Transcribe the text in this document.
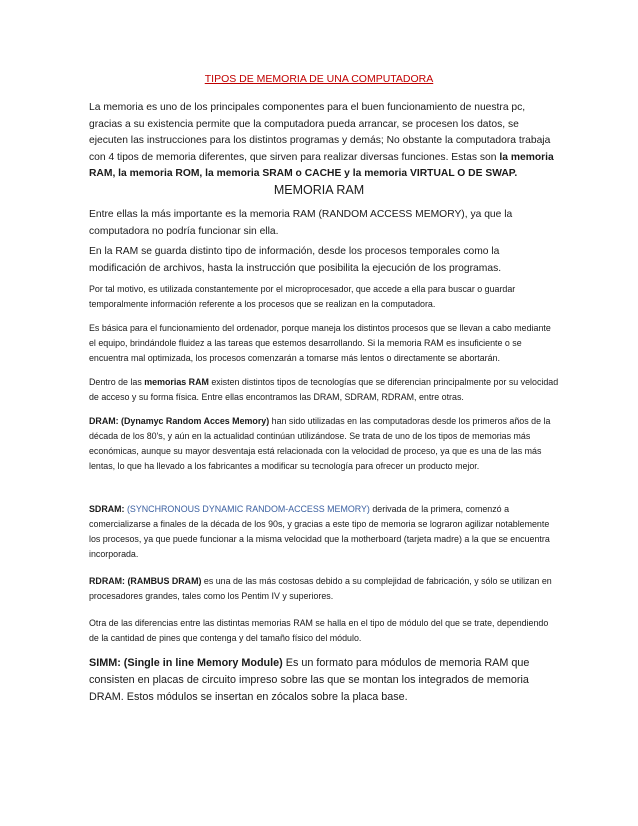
TIPOS DE MEMORIA DE UNA COMPUTADORA

La memoria es uno de los principales componentes para el buen funcionamiento de nuestra pc, gracias a su existencia permite que la computadora pueda arrancar, se procesen los datos, se ejecuten las instrucciones para los distintos programas y demás; No obstante la computadora trabaja con 4 tipos de memoria diferentes, que sirven para realizar diversas funciones. Estas son la memoria RAM, la memoria ROM, la memoria SRAM o CACHE y la memoria VIRTUAL O DE SWAP.

MEMORIA RAM

Entre ellas la más importante es la memoria RAM (RANDOM ACCESS MEMORY), ya que la computadora no podría funcionar sin ella.

En la RAM se guarda distinto tipo de información, desde los procesos temporales como la modificación de archivos, hasta la instrucción que posibilita la ejecución de los programas.

Por tal motivo, es utilizada constantemente por el microprocesador, que accede a ella para buscar o guardar temporalmente información referente a los procesos que se realizan en la computadora.

Es básica para el funcionamiento del ordenador, porque maneja los distintos procesos que se llevan a cabo mediante el equipo, brindándole fluidez a las tareas que estemos desarrollando. Si la memoria RAM es insuficiente o se encuentra mal optimizada, los procesos comenzarán a tomarse más lentos o directamente se abortarán.

Dentro de las memorias RAM existen distintos tipos de tecnologías que se diferencian principalmente por su velocidad de acceso y su forma física. Entre ellas encontramos las DRAM, SDRAM, RDRAM, entre otras.

DRAM: (Dynamyc Random Acces Memory) han sido utilizadas en las computadoras desde los primeros años de la década de los 80's, y aún en la actualidad continúan utilizándose. Se trata de uno de los tipos de memorias más económicas, aunque su mayor desventaja está relacionada con la velocidad de proceso, ya que es una de las más lentas, lo que ha llevado a los fabricantes a modificar su tecnología para ofrecer un producto mejor.

SDRAM: (SYNCHRONOUS DYNAMIC RANDOM-ACCESS MEMORY) derivada de la primera, comenzó a comercializarse a finales de la década de los 90s, y gracias a este tipo de memoria se lograron agilizar notablemente los procesos, ya que puede funcionar a la misma velocidad que la motherboard (tarjeta madre) a la que se encuentra incorporada.

RDRAM: (RAMBUS DRAM) es una de las más costosas debido a su complejidad de fabricación, y sólo se utilizan en procesadores grandes, tales como los Pentim IV y superiores.

Otra de las diferencias entre las distintas memorias RAM se halla en el tipo de módulo del que se trate, dependiendo de la cantidad de pines que contenga y del tamaño físico del módulo.

SIMM: (Single in line Memory Module) Es un formato para módulos de memoria RAM que consisten en placas de circuito impreso sobre las que se montan los integrados de memoria DRAM. Estos módulos se insertan en zócalos sobre la placa base.
